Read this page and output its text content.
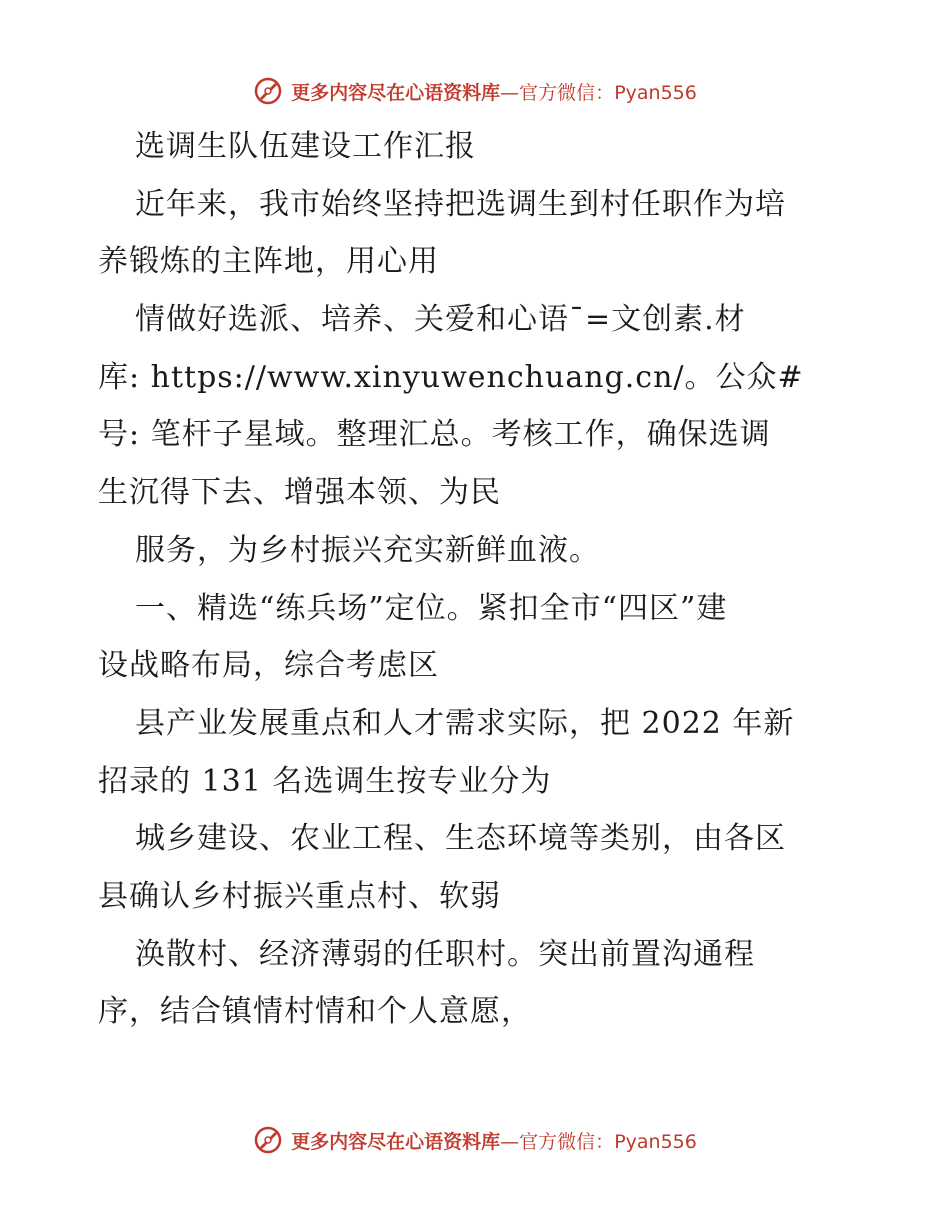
更多内容尽在心语资料库—官方微信：Pyan556
选调生队伍建设工作汇报
近年来，我市始终坚持把选调生到村任职作为培
养锻炼的主阵地，用心用
情做好选派、培养、关爱和心语¯=文创素.材
库: https://www.xinyuwenchuang.cn/。公众#
号: 笔杆子星域。整理汇总。考核工作，确保选调
生沉得下去、增强本领、为民
服务，为乡村振兴充实新鲜血液。
一、精选“练兵场”定位。紧扣全市“四区”建
设战略布局，综合考虑区
县产业发展重点和人才需求实际，把 2022 年新
招录的 131 名选调生按专业分为
城乡建设、农业工程、生态环境等类别，由各区
县确认乡村振兴重点村、软弱
涣散村、经济薄弱的任职村。突出前置沟通程
序，结合镇情村情和个人意愿，
更多内容尽在心语资料库—官方微信：Pyan556
